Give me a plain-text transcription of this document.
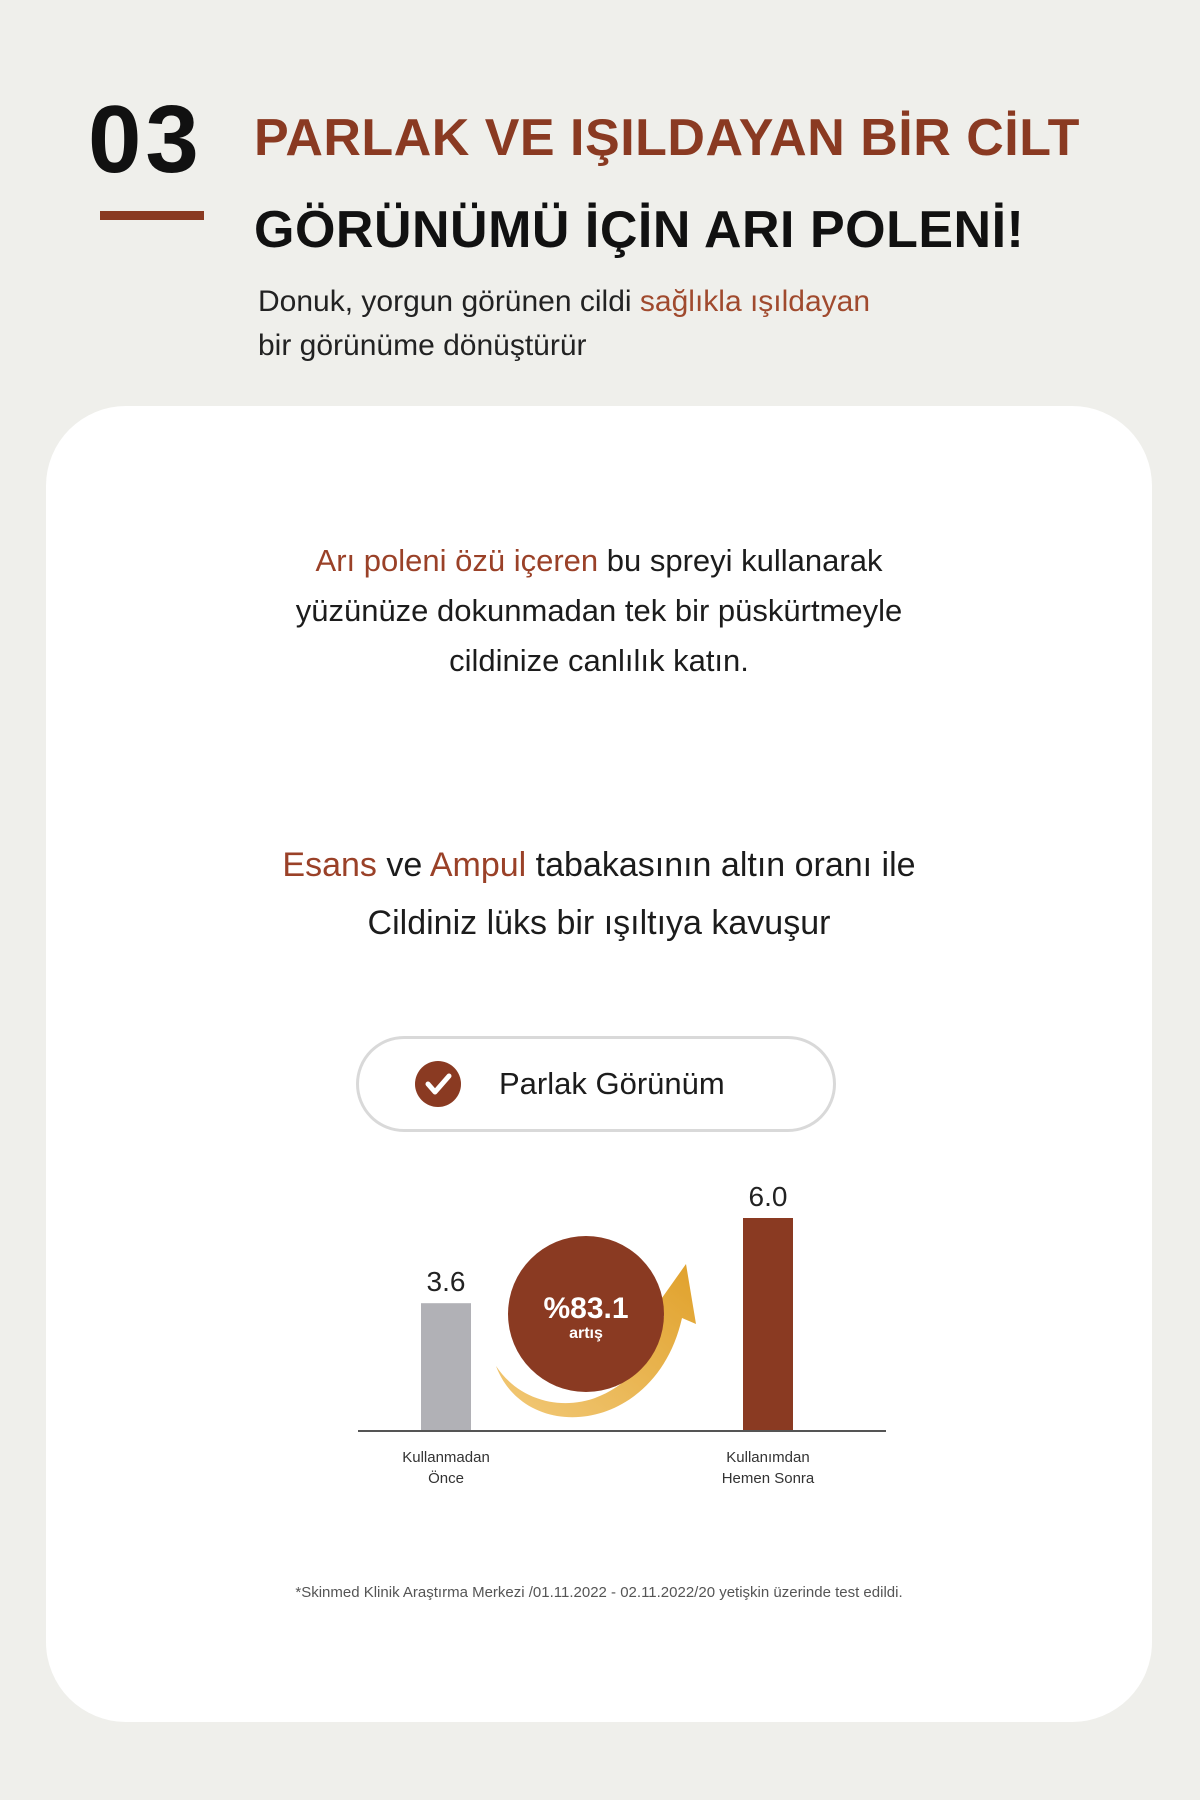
03 PARLAK VE IŞILDAYAN BİR CİLT
GÖRÜNÜMÜ İÇİN ARI POLENİ!
Donuk, yorgun görünen cildi sağlıkla ışıldayan
bir görünüme dönüştürür
Arı poleni özü içeren bu spreyi kullanarak
yüzünüze dokunmadan tek bir püskürtmeyle
cildinize canlılık katın.
Esans ve Ampul tabakasının altın oranı ile
Cildiniz lüks bir ışıltıya kavuşur
Parlak Görünüm
%83.1
artış
3.6
6.0
Kullanmadan
Önce
Kullanımdan
Hemen Sonra
*Skinmed Klinik Araştırma Merkezi /01.11.2022 - 02.11.2022/20 yetişkin üzerinde test edildi.
